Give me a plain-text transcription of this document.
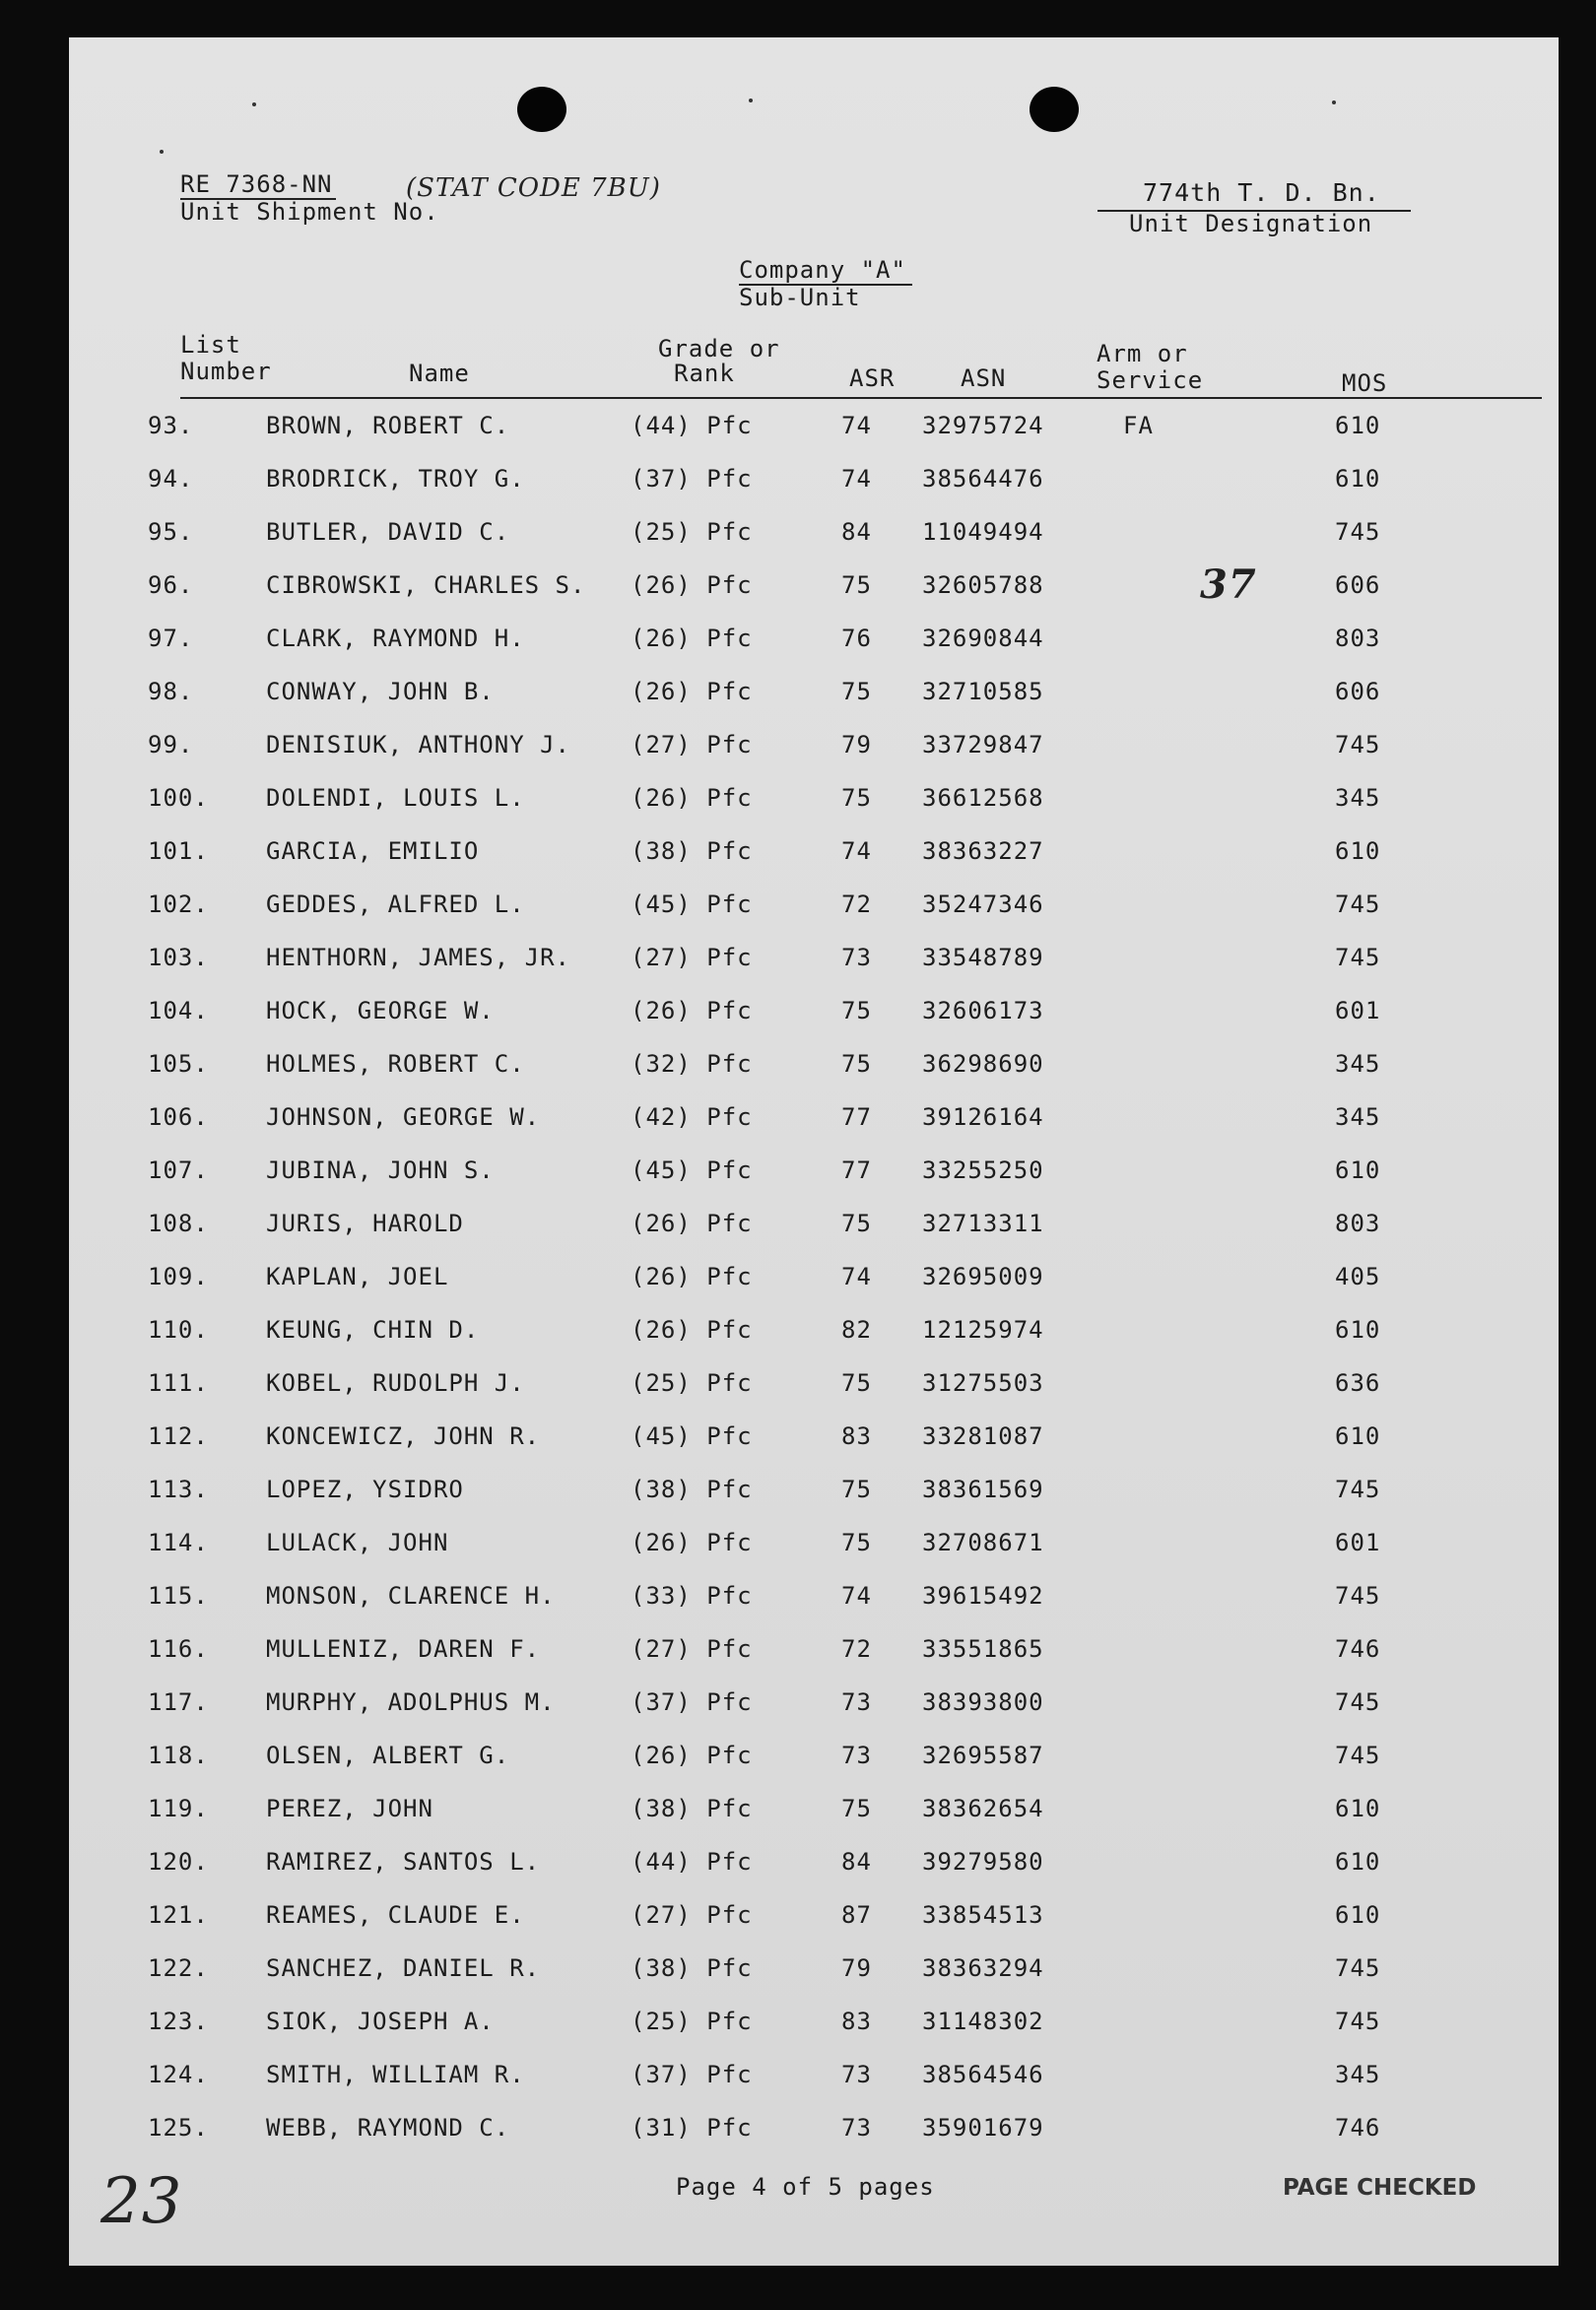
RE 7368-NN	(STAT CODE 7BU)
Unit Shipment No.
774th T. D. Bn.
Unit Designation
Company "A"
Sub-Unit
List
Number	Name
Grade or
Rank	ASR	ASN
Arm or
Service	MOS
93.	BROWN, ROBERT C.	(44) Pfc	74 32975724	FA	610
94.	BRODRICK, TROY G.	(37) Pfc	74 38564476	610
95.	BUTLER, DAVID C.	(25) Pfc	84 11049494	745
96.	CIBROWSKI, CHARLES S. (26) Pfc	75 32605788	606
97.	CLARK, RAYMOND H.	(26) Pfc	76 32690844	803
98.	CONWAY, JOHN B.	(26) Pfc	75 32710585	606
99.	DENISIUK, ANTHONY J.	(27) Pfc	79 33729847	745
100. DOLENDI, LOUIS L.	(26) Pfc	75 36612568	345
101. GARCIA, EMILIO	(38) Pfc	74 38363227	610
102. GEDDES, ALFRED L.	(45) Pfc	72 35247346	745
103. HENTHORN, JAMES, JR.	(27) Pfc	73 33548789	745
104. HOCK, GEORGE W.	(26) Pfc	75 32606173	601
105. HOLMES, ROBERT C.	(32) Pfc	75 36298690	345
106. JOHNSON, GEORGE W.	(42) Pfc	77 39126164	345
107. JUBINA, JOHN S.	(45) Pfc	77 33255250	610
108. JURIS, HAROLD	(26) Pfc	75 32713311	803
109. KAPLAN, JOEL	(26) Pfc	74 32695009	405
110. KEUNG, CHIN D.	(26) Pfc	82 12125974	610
111. KOBEL, RUDOLPH J.	(25) Pfc	75 31275503	636
112. KONCEWICZ, JOHN R.	(45) Pfc	83 33281087	610
113. LOPEZ, YSIDRO	(38) Pfc	75 38361569	745
114. LULACK, JOHN	(26) Pfc	75 32708671	601
115. MONSON, CLARENCE H.	(33) Pfc	74 39615492	745
116. MULLENIZ, DAREN F.	(27) Pfc	72 33551865	746
117. MURPHY, ADOLPHUS M.	(37) Pfc	73 38393800	745
118. OLSEN, ALBERT G.	(26) Pfc	73 32695587	745
119. PEREZ, JOHN	(38) Pfc	75 38362654	610
120. RAMIREZ, SANTOS L.	(44) Pfc	84 39279580	610
121. REAMES, CLAUDE E.	(27) Pfc	87 33854513	610
122. SANCHEZ, DANIEL R.	(38) Pfc	79 38363294	745
123. SIOK, JOSEPH A.	(25) Pfc	83 31148302	745
124. SMITH, WILLIAM R.	(37) Pfc	73 38564546	345
125. WEBB, RAYMOND C.	(31) Pfc	73 35901679	746
37
23	PAGE CHECKED
Page 4 of 5 pages
